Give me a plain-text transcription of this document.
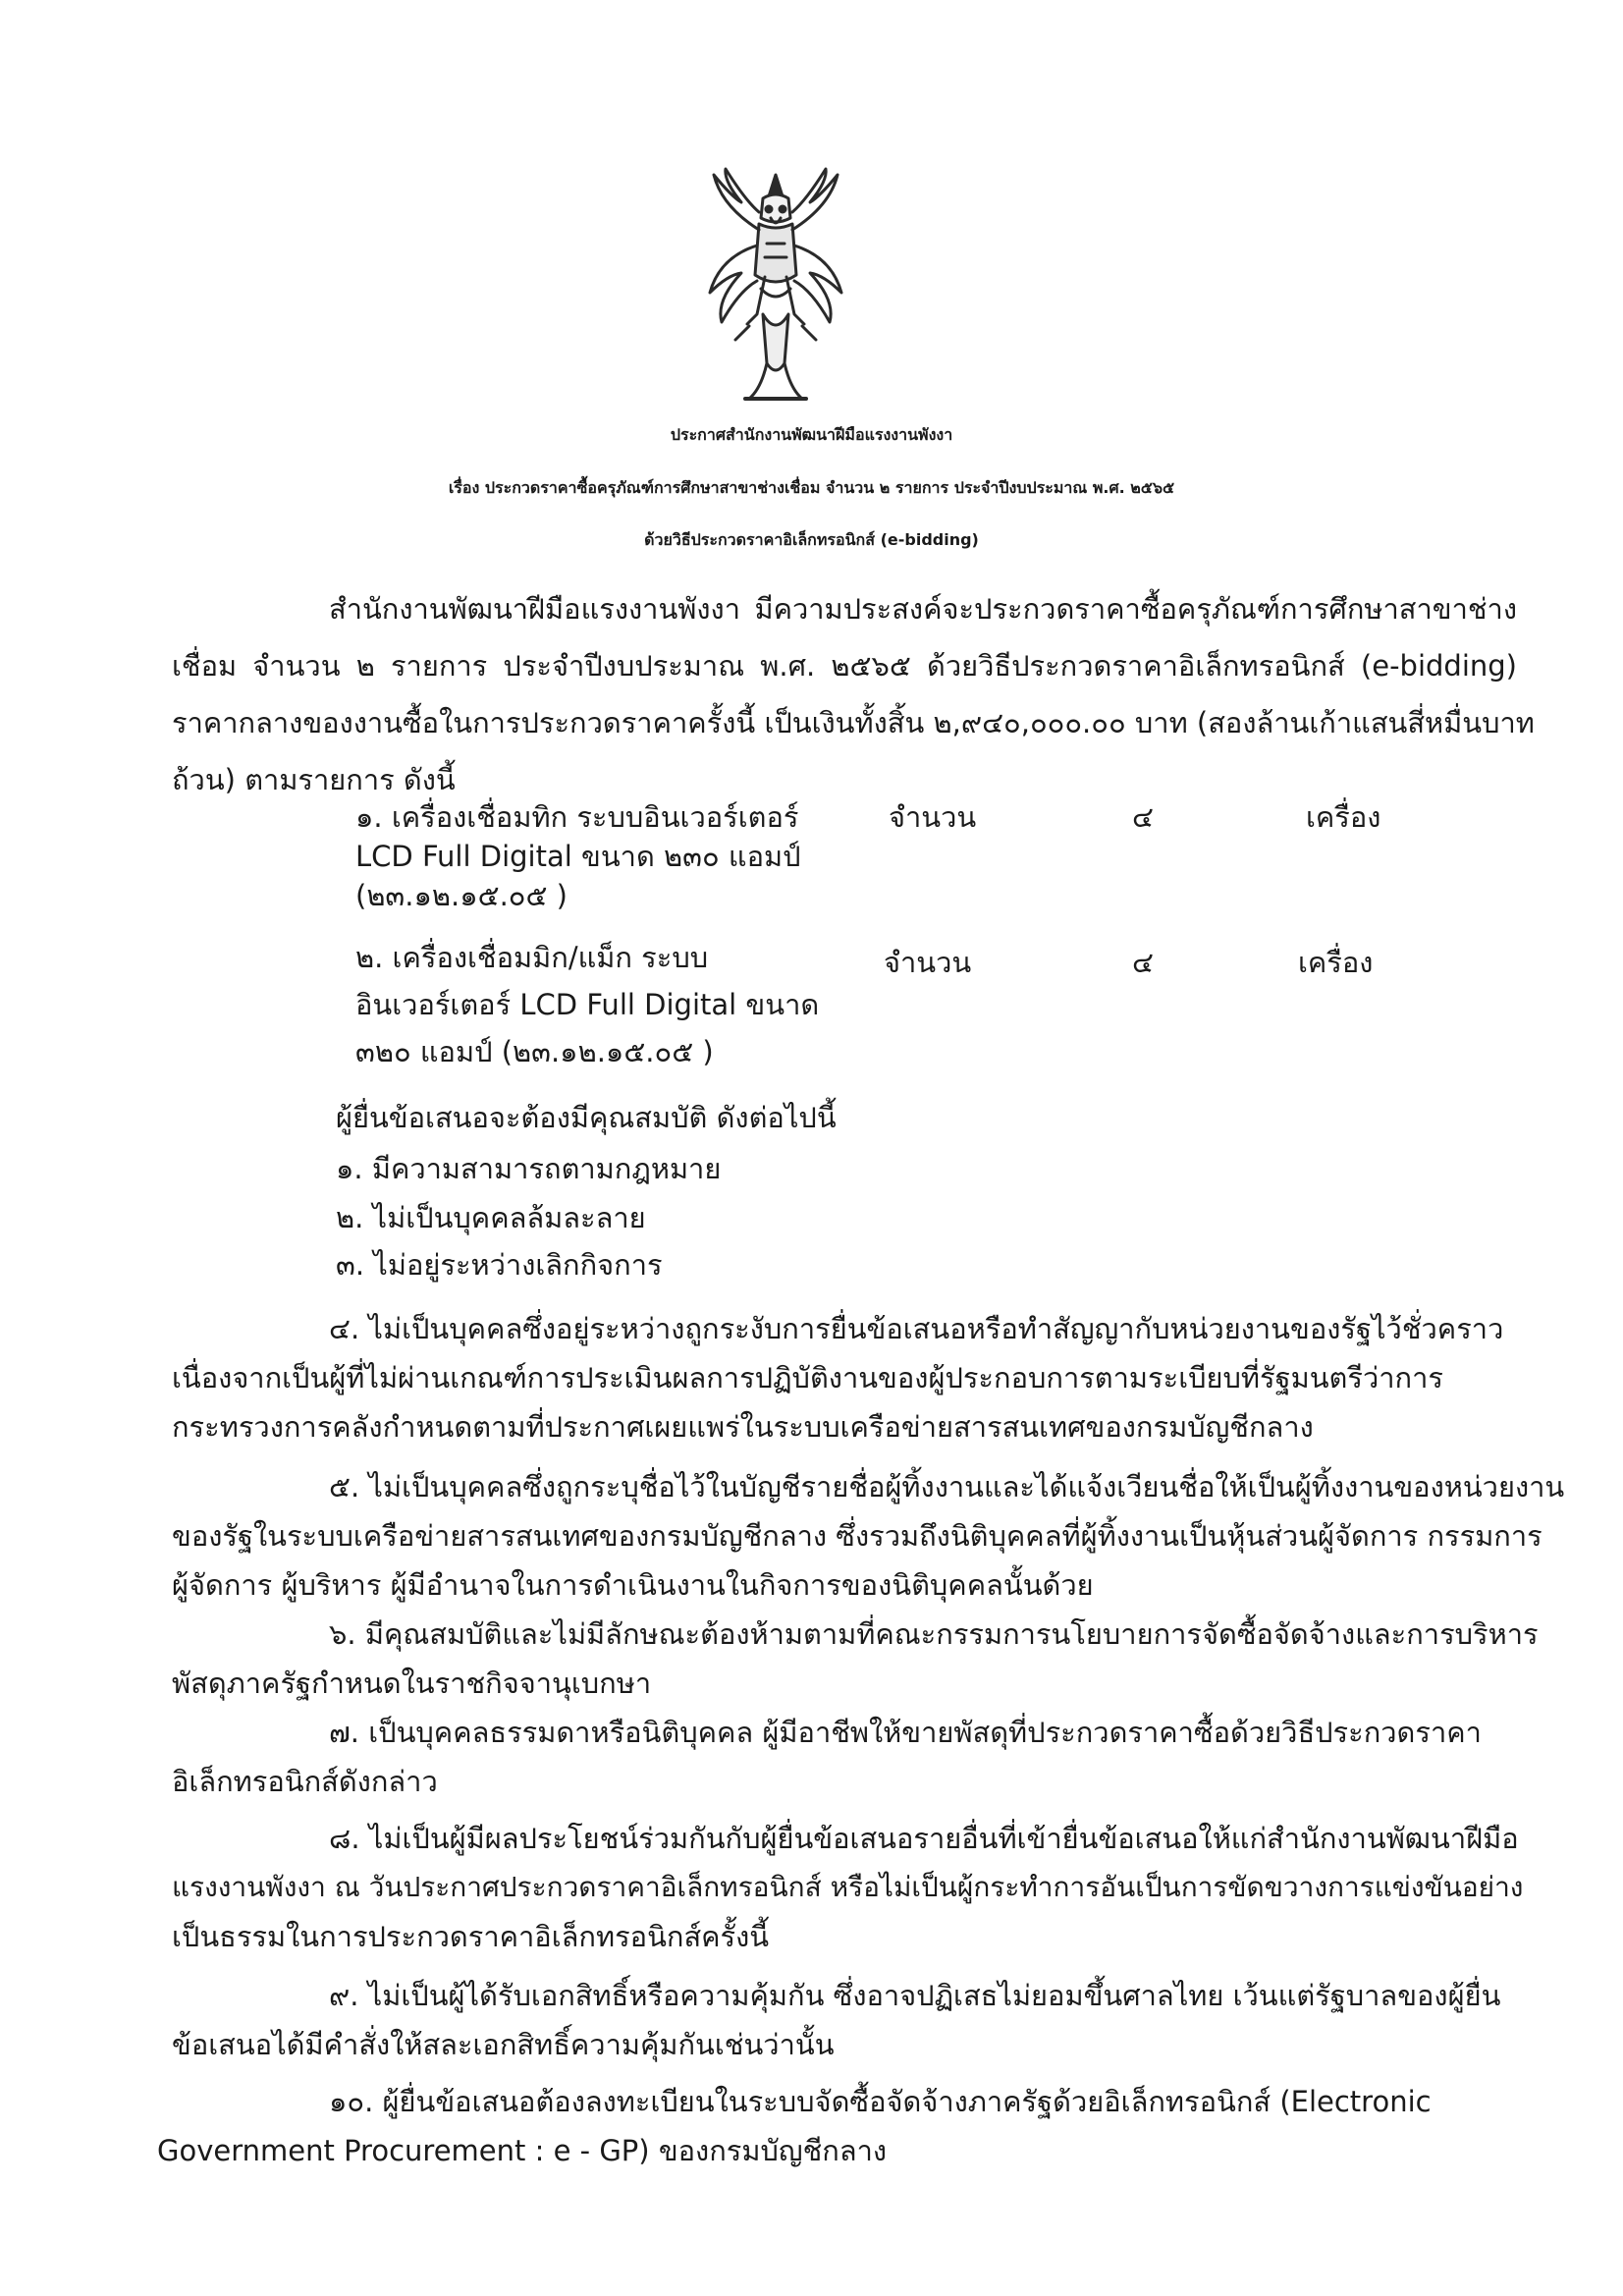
ประกาศสำนักงานพัฒนาฝีมือแรงงานพังงา
เรื่อง ประกวดราคาซื้อครุภัณฑ์การศึกษาสาขาช่างเชื่อม จำนวน ๒ รายการ ประจำปีงบประมาณ พ.ศ. ๒๕๖๕
ด้วยวิธีประกวดราคาอิเล็กทรอนิกส์ (e-bidding)
สำนักงานพัฒนาฝีมือแรงงานพังงา มีความประสงค์จะประกวดราคาซื้อครุภัณฑ์การศึกษาสาขาช่าง
เชื่อม จำนวน ๒ รายการ ประจำปีงบประมาณ พ.ศ. ๒๕๖๕ ด้วยวิธีประกวดราคาอิเล็กทรอนิกส์ (e-bidding)
ราคากลางของงานซื้อในการประกวดราคาครั้งนี้ เป็นเงินทั้งสิ้น ๒,๙๔๐,๐๐๐.๐๐ บาท (สองล้านเก้าแสนสี่หมื่นบาท
ถ้วน) ตามรายการ ดังนี้
๑. เครื่องเชื่อมทิก ระบบอินเวอร์เตอร์
LCD Full Digital ขนาด ๒๓๐ แอมป์
(๒๓.๑๒.๑๕.๐๕ )
จำนวน	๔	เครื่อง
๒. เครื่องเชื่อมมิก/แม็ก ระบบ
อินเวอร์เตอร์ LCD Full Digital ขนาด
๓๒๐ แอมป์ (๒๓.๑๒.๑๕.๐๕ )
จำนวน	๔	เครื่อง
ผู้ยื่นข้อเสนอจะต้องมีคุณสมบัติ ดังต่อไปนี้
๑. มีความสามารถตามกฎหมาย
๒. ไม่เป็นบุคคลล้มละลาย
๓. ไม่อยู่ระหว่างเลิกกิจการ
๔. ไม่เป็นบุคคลซึ่งอยู่ระหว่างถูกระงับการยื่นข้อเสนอหรือทำสัญญากับหน่วยงานของรัฐไว้ชั่วคราว
เนื่องจากเป็นผู้ที่ไม่ผ่านเกณฑ์การประเมินผลการปฏิบัติงานของผู้ประกอบการตามระเบียบที่รัฐมนตรีว่าการ
กระทรวงการคลังกำหนดตามที่ประกาศเผยแพร่ในระบบเครือข่ายสารสนเทศของกรมบัญชีกลาง
๕. ไม่เป็นบุคคลซึ่งถูกระบุชื่อไว้ในบัญชีรายชื่อผู้ทิ้งงานและได้แจ้งเวียนชื่อให้เป็นผู้ทิ้งงานของหน่วยงาน
ของรัฐในระบบเครือข่ายสารสนเทศของกรมบัญชีกลาง ซึ่งรวมถึงนิติบุคคลที่ผู้ทิ้งงานเป็นหุ้นส่วนผู้จัดการ กรรมการ
ผู้จัดการ ผู้บริหาร ผู้มีอำนาจในการดำเนินงานในกิจการของนิติบุคคลนั้นด้วย
๖. มีคุณสมบัติและไม่มีลักษณะต้องห้ามตามที่คณะกรรมการนโยบายการจัดซื้อจัดจ้างและการบริหาร
พัสดุภาครัฐกำหนดในราชกิจจานุเบกษา
๗. เป็นบุคคลธรรมดาหรือนิติบุคคล ผู้มีอาชีพให้ขายพัสดุที่ประกวดราคาซื้อด้วยวิธีประกวดราคา
อิเล็กทรอนิกส์ดังกล่าว
๘. ไม่เป็นผู้มีผลประโยชน์ร่วมกันกับผู้ยื่นข้อเสนอรายอื่นที่เข้ายื่นข้อเสนอให้แก่สำนักงานพัฒนาฝีมือ
แรงงานพังงา ณ วันประกาศประกวดราคาอิเล็กทรอนิกส์ หรือไม่เป็นผู้กระทำการอันเป็นการขัดขวางการแข่งขันอย่าง
เป็นธรรมในการประกวดราคาอิเล็กทรอนิกส์ครั้งนี้
๙. ไม่เป็นผู้ได้รับเอกสิทธิ์หรือความคุ้มกัน ซึ่งอาจปฏิเสธไม่ยอมขึ้นศาลไทย เว้นแต่รัฐบาลของผู้ยื่น
ข้อเสนอได้มีคำสั่งให้สละเอกสิทธิ์ความคุ้มกันเช่นว่านั้น
๑๐. ผู้ยื่นข้อเสนอต้องลงทะเบียนในระบบจัดซื้อจัดจ้างภาครัฐด้วยอิเล็กทรอนิกส์ (Electronic
Government Procurement : e - GP) ของกรมบัญชีกลาง
